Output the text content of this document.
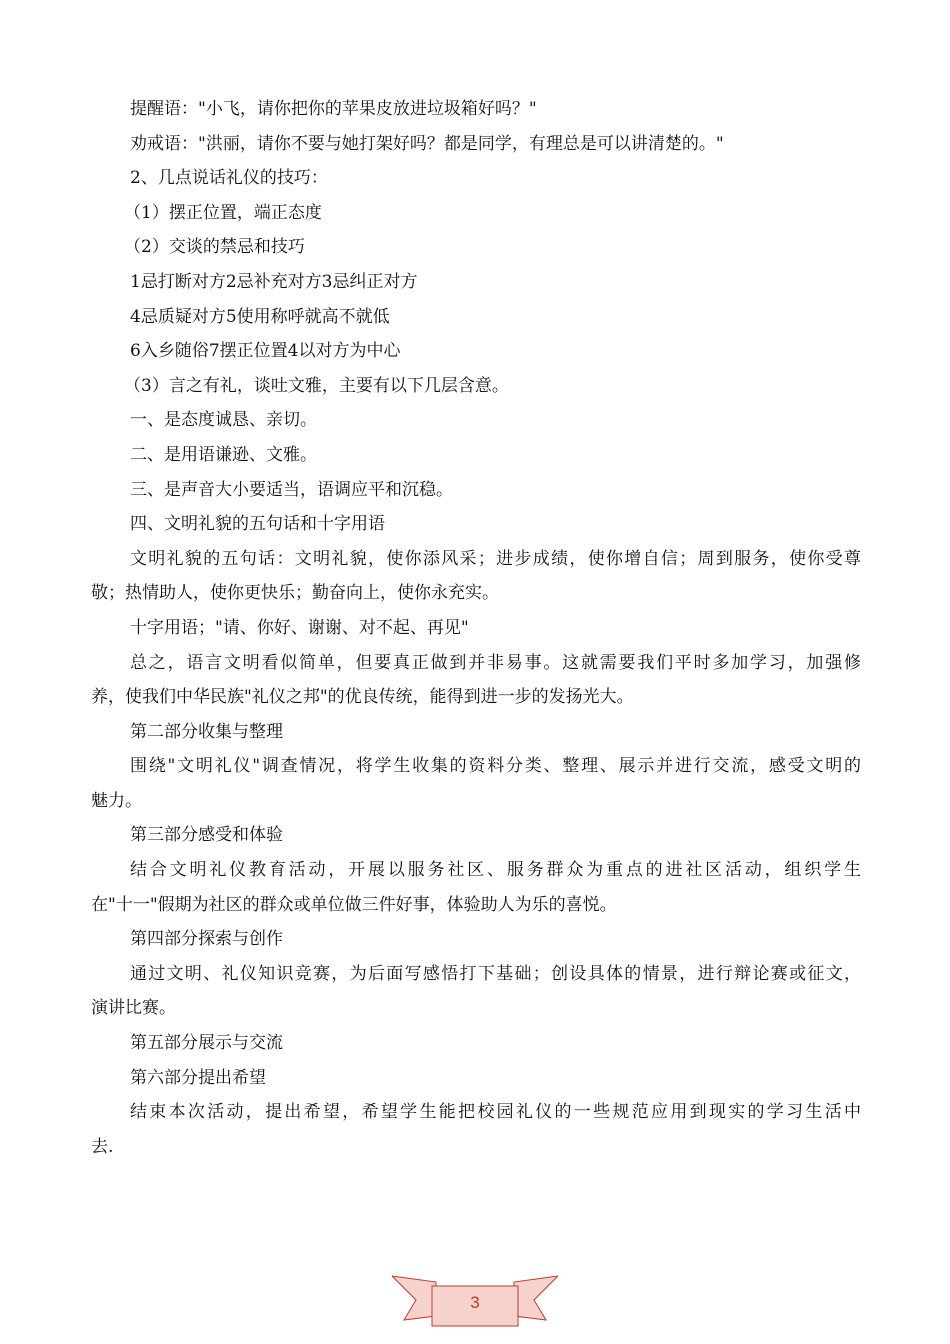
提醒语："小飞，请你把你的苹果皮放进垃圾箱好吗？"
劝戒语："洪丽，请你不要与她打架好吗？都是同学，有理总是可以讲清楚的。"
2、几点说话礼仪的技巧：
（1）摆正位置，端正态度
（2）交谈的禁忌和技巧
1忌打断对方2忌补充对方3忌纠正对方
4忌质疑对方5使用称呼就高不就低
6入乡随俗7摆正位置4以对方为中心
（3）言之有礼，谈吐文雅，主要有以下几层含意。
一、是态度诚恳、亲切。
二、是用语谦逊、文雅。
三、是声音大小要适当，语调应平和沉稳。
四、文明礼貌的五句话和十字用语
文明礼貌的五句话：文明礼貌，使你添风采；进步成绩，使你增自信；周到服务，使你受尊
敬；热情助人，使你更快乐；勤奋向上，使你永充实。
十字用语；"请、你好、谢谢、对不起、再见"
总之，语言文明看似简单，但要真正做到并非易事。这就需要我们平时多加学习，加强修
养，使我们中华民族"礼仪之邦"的优良传统，能得到进一步的发扬光大。
第二部分收集与整理
围绕"文明礼仪"调查情况，将学生收集的资料分类、整理、展示并进行交流，感受文明的
魅力。
第三部分感受和体验
结合文明礼仪教育活动，开展以服务社区、服务群众为重点的进社区活动，组织学生
在"十一"假期为社区的群众或单位做三件好事，体验助人为乐的喜悦。
第四部分探索与创作
通过文明、礼仪知识竞赛，为后面写感悟打下基础；创设具体的情景，进行辩论赛或征文，
演讲比赛。
第五部分展示与交流
第六部分提出希望
结束本次活动，提出希望，希望学生能把校园礼仪的一些规范应用到现实的学习生活中
去.
3
